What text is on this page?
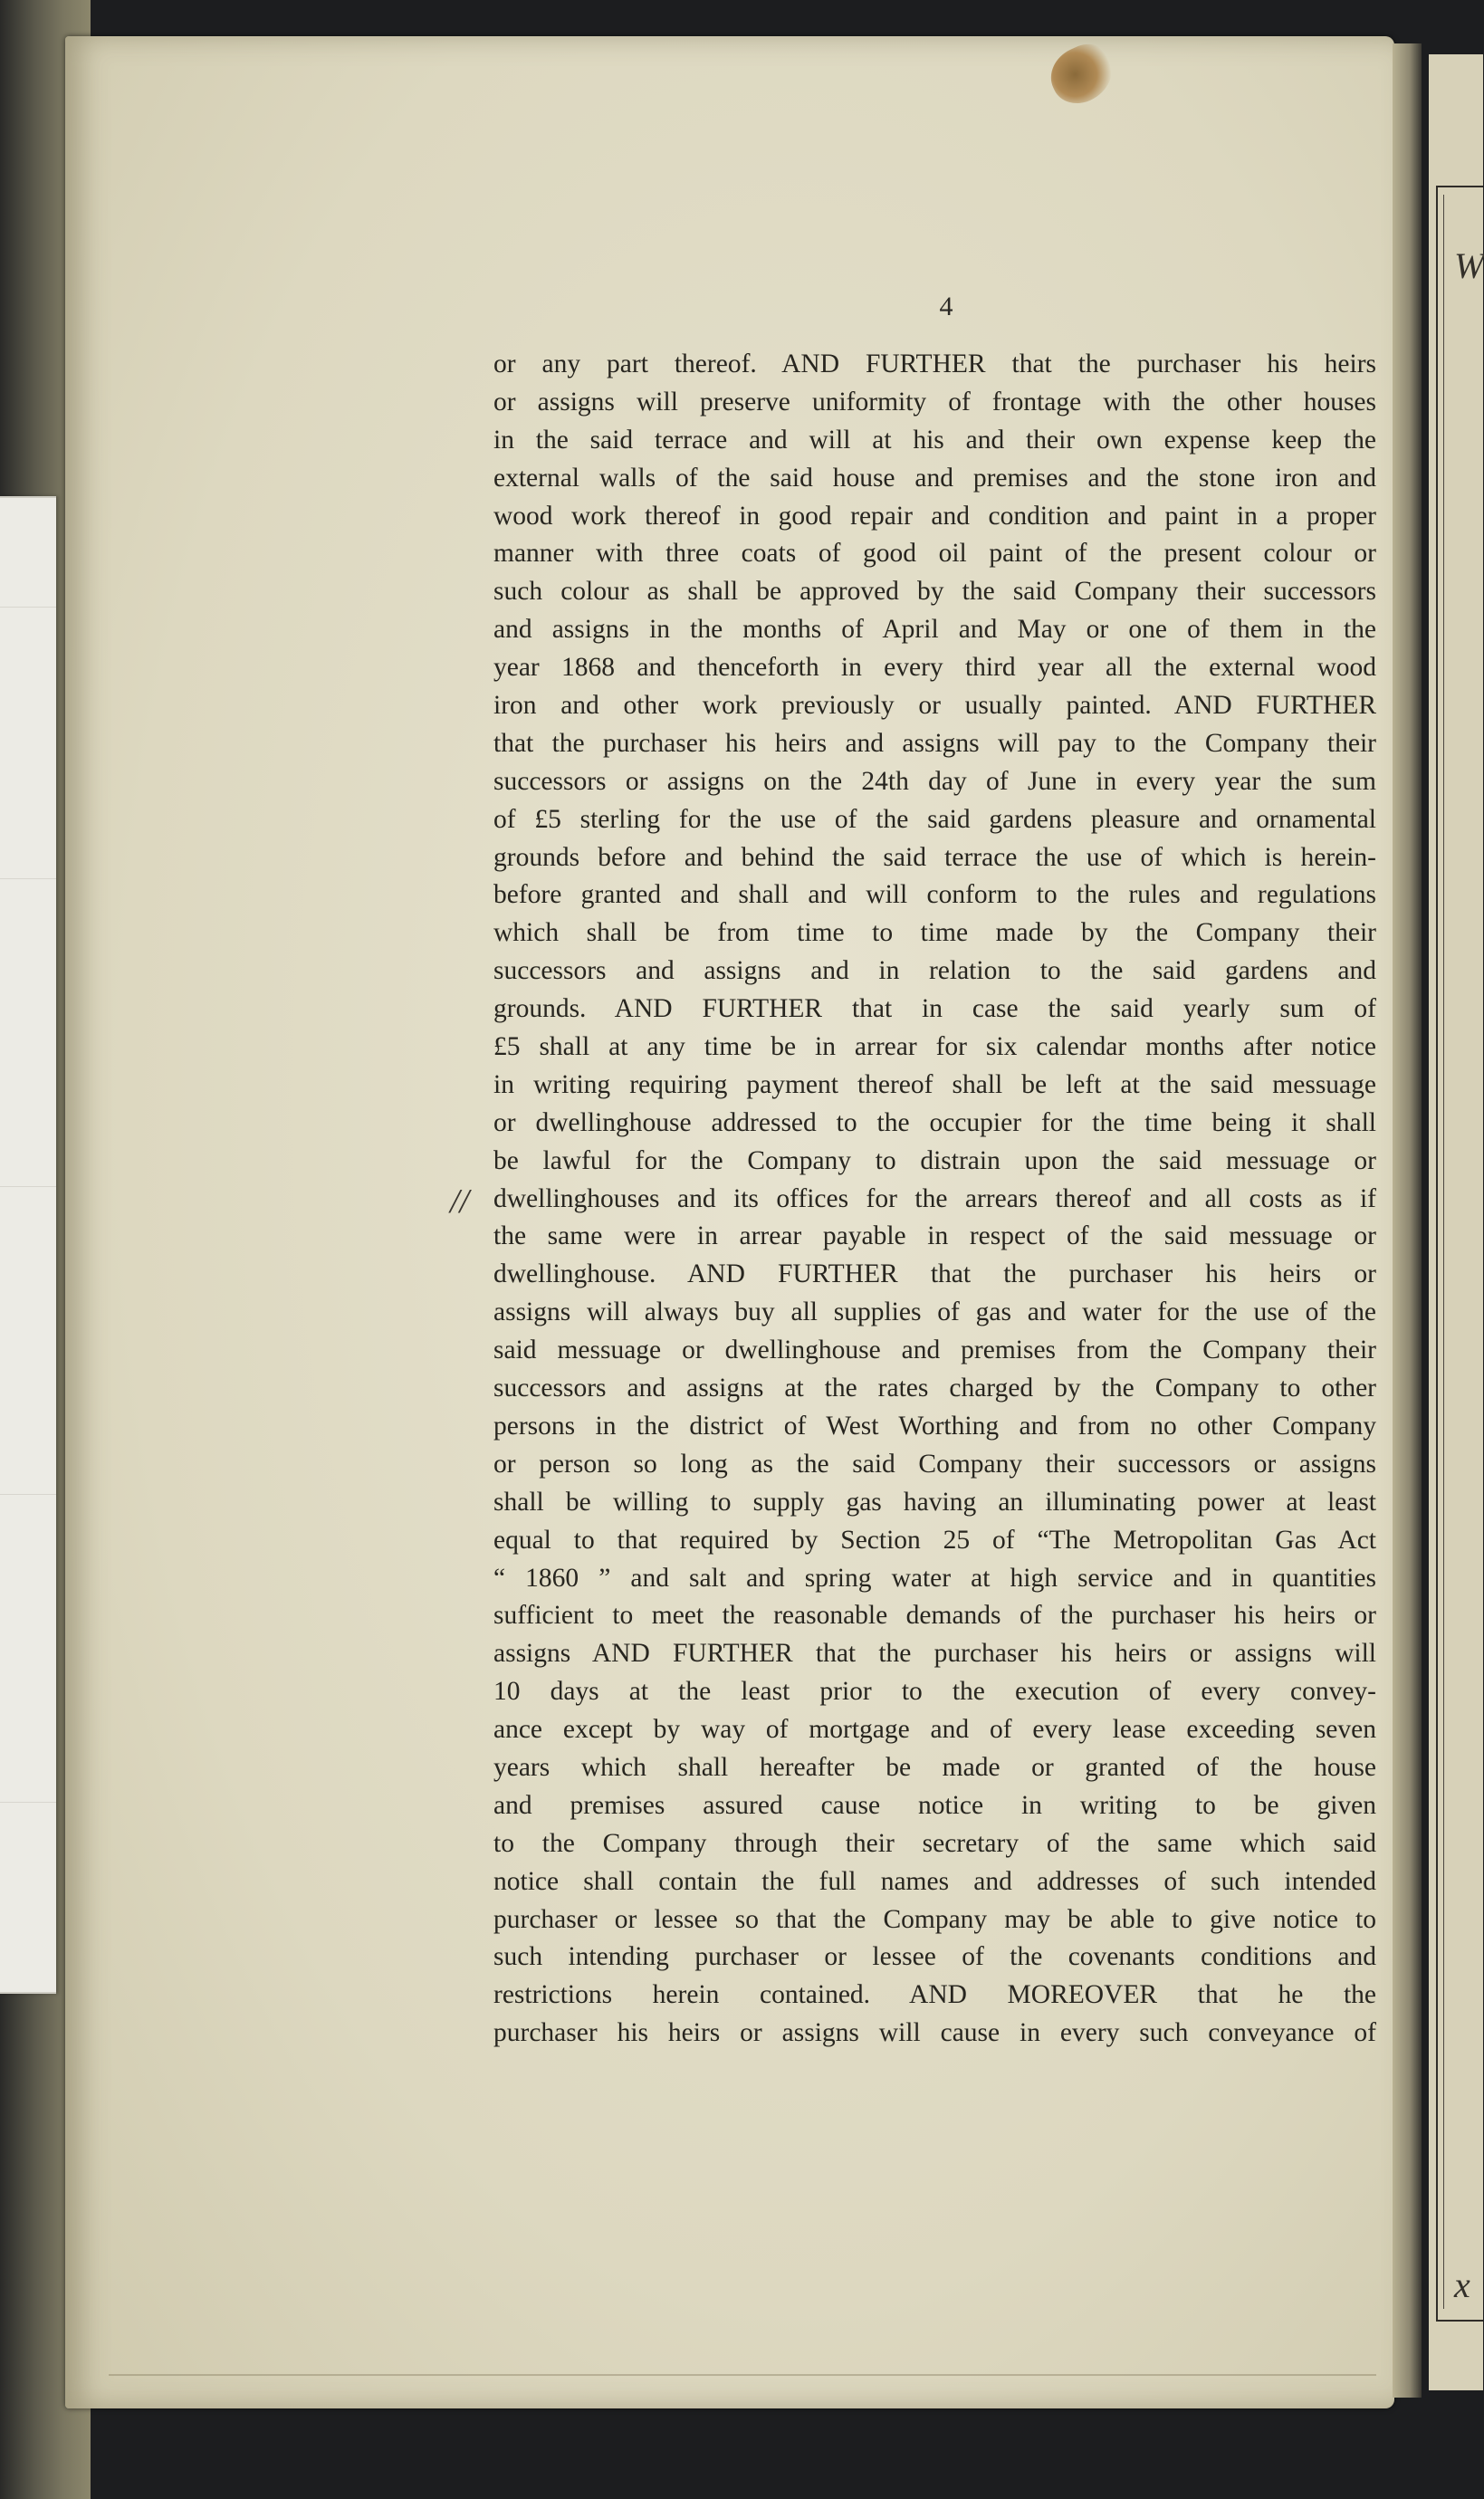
W
x
4
//
or any part thereof. AND FURTHER that the purchaser his heirs
or assigns will preserve uniformity of frontage with the other houses
in the said terrace and will at his and their own expense keep the
external walls of the said house and premises and the stone iron and
wood work thereof in good repair and condition and paint in a proper
manner with three coats of good oil paint of the present colour or
such colour as shall be approved by the said Company their successors
and assigns in the months of April and May or one of them in the
year 1868 and thenceforth in every third year all the external wood
iron and other work previously or usually painted. AND FURTHER
that the purchaser his heirs and assigns will pay to the Company their
successors or assigns on the 24th day of June in every year the sum
of £5 sterling for the use of the said gardens pleasure and ornamental
grounds before and behind the said terrace the use of which is herein-
before granted and shall and will conform to the rules and regulations
which shall be from time to time made by the Company their
successors and assigns and in relation to the said gardens and
grounds. AND FURTHER that in case the said yearly sum of
£5 shall at any time be in arrear for six calendar months after notice
in writing requiring payment thereof shall be left at the said messuage
or dwellinghouse addressed to the occupier for the time being it shall
be lawful for the Company to distrain upon the said messuage or
dwellinghouses and its offices for the arrears thereof and all costs as if
the same were in arrear payable in respect of the said messuage or
dwellinghouse. AND FURTHER that the purchaser his heirs or
assigns will always buy all supplies of gas and water for the use of the
said messuage or dwellinghouse and premises from the Company their
successors and assigns at the rates charged by the Company to other
persons in the district of West Worthing and from no other Company
or person so long as the said Company their successors or assigns
shall be willing to supply gas having an illuminating power at least
equal to that required by Section 25 of “The Metropolitan Gas Act
“ 1860 ” and salt and spring water at high service and in quantities
sufficient to meet the reasonable demands of the purchaser his heirs or
assigns AND FURTHER that the purchaser his heirs or assigns will
10 days at the least prior to the execution of every convey-
ance except by way of mortgage and of every lease exceeding seven
years which shall hereafter be made or granted of the house
and premises assured cause notice in writing to be given
to the Company through their secretary of the same which said
notice shall contain the full names and addresses of such intended
purchaser or lessee so that the Company may be able to give notice to
such intending purchaser or lessee of the covenants conditions and
restrictions herein contained. AND MOREOVER that he the
purchaser his heirs or assigns will cause in every such conveyance of
